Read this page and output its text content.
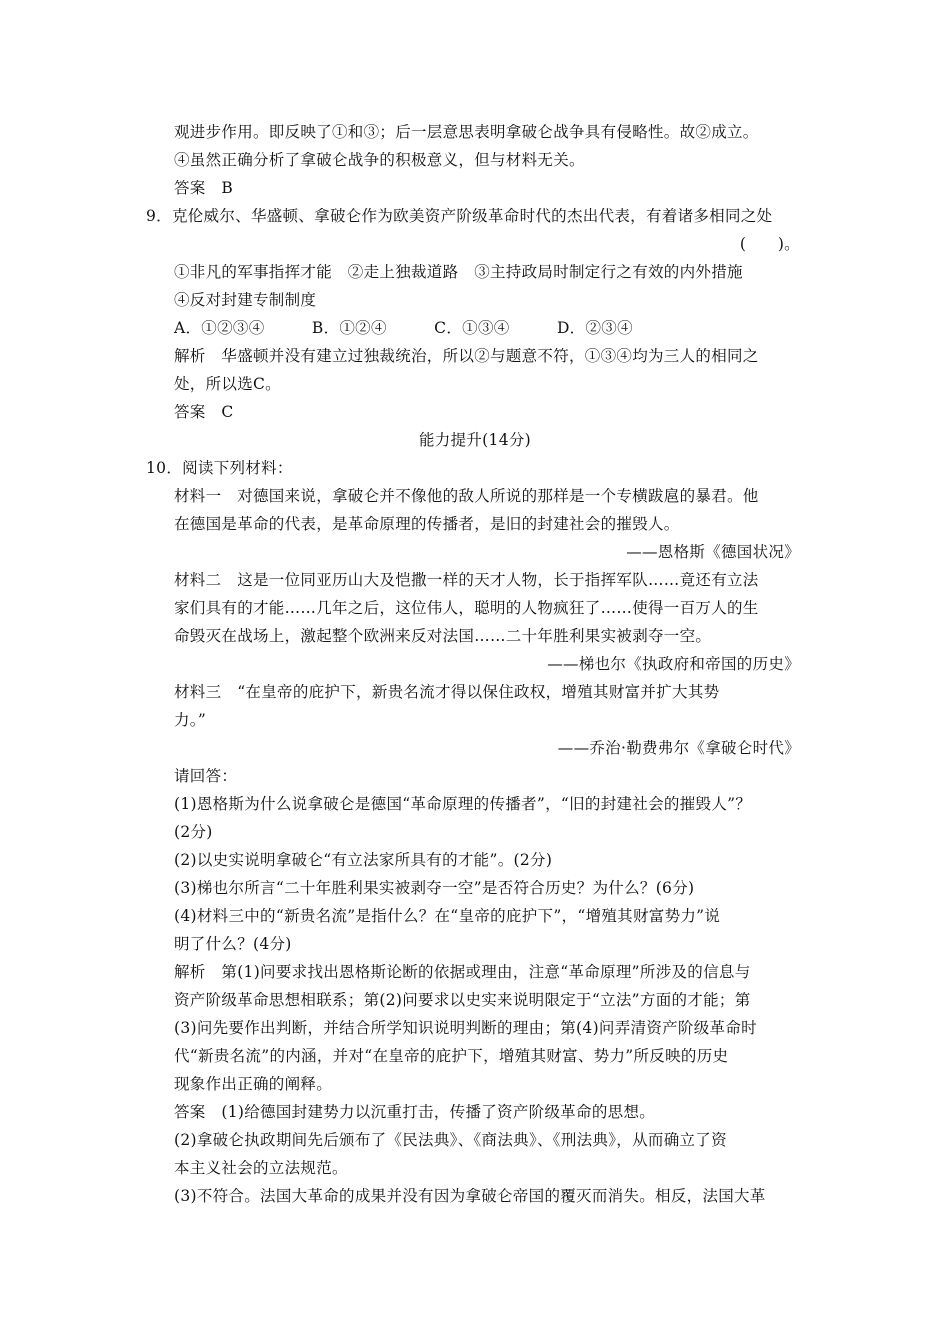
观进步作用。即反映了①和③；后一层意思表明拿破仑战争具有侵略性。故②成立。
④虽然正确分析了拿破仑战争的积极意义，但与材料无关。
答案　B
9．克伦威尔、华盛顿、拿破仑作为欧美资产阶级革命时代的杰出代表，有着诸多相同之处
(　　)。
①非凡的军事指挥才能　②走上独裁道路　③主持政局时制定行之有效的内外措施
④反对封建专制制度
A．①②③④　　　B．①②④　　　C．①③④　　　D．②③④
解析　华盛顿并没有建立过独裁统治，所以②与题意不符，①③④均为三人的相同之
处，所以选C。
答案　C
能力提升(14分)
10．阅读下列材料：
材料一　对德国来说，拿破仑并不像他的敌人所说的那样是一个专横跋扈的暴君。他
在德国是革命的代表，是革命原理的传播者，是旧的封建社会的摧毁人。
——恩格斯《德国状况》
材料二　这是一位同亚历山大及恺撒一样的天才人物，长于指挥军队……竟还有立法
家们具有的才能……几年之后，这位伟人，聪明的人物疯狂了……使得一百万人的生
命毁灭在战场上，激起整个欧洲来反对法国……二十年胜利果实被剥夺一空。
——梯也尔《执政府和帝国的历史》
材料三　“在皇帝的庇护下，新贵名流才得以保住政权，增殖其财富并扩大其势
力。”
——乔治·勒费弗尔《拿破仑时代》
请回答：
(1)恩格斯为什么说拿破仑是德国“革命原理的传播者”，“旧的封建社会的摧毁人”？
(2分)
(2)以史实说明拿破仑“有立法家所具有的才能”。(2分)
(3)梯也尔所言“二十年胜利果实被剥夺一空”是否符合历史？为什么？(6分)
(4)材料三中的“新贵名流”是指什么？在“皇帝的庇护下”，“增殖其财富势力”说
明了什么？(4分)
解析　第(1)问要求找出恩格斯论断的依据或理由，注意“革命原理”所涉及的信息与
资产阶级革命思想相联系；第(2)问要求以史实来说明限定于“立法”方面的才能；第
(3)问先要作出判断，并结合所学知识说明判断的理由；第(4)问弄清资产阶级革命时
代“新贵名流”的内涵，并对“在皇帝的庇护下，增殖其财富、势力”所反映的历史
现象作出正确的阐释。
答案　(1)给德国封建势力以沉重打击，传播了资产阶级革命的思想。
(2)拿破仑执政期间先后颁布了《民法典》、《商法典》、《刑法典》，从而确立了资
本主义社会的立法规范。
(3)不符合。法国大革命的成果并没有因为拿破仑帝国的覆灭而消失。相反，法国大革
